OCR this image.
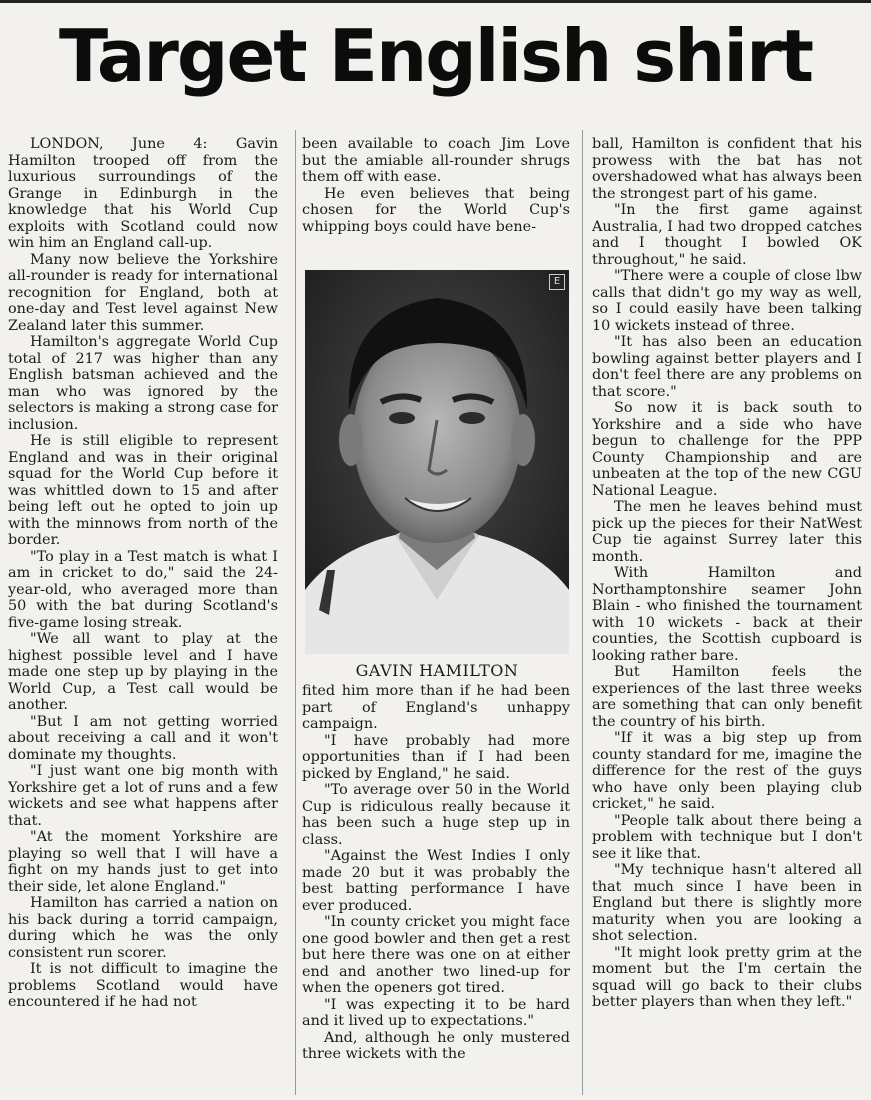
Target English shirt

LONDON, June 4: Gavin Hamilton trooped off from the luxurious surroundings of the Grange in Edinburgh in the knowledge that his World Cup exploits with Scotland could now win him an England call-up.

Many now believe the Yorkshire all-rounder is ready for international recognition for England, both at one-day and Test level against New Zealand later this summer.

Hamilton's aggregate World Cup total of 217 was higher than any English batsman achieved and the man who was ignored by the selectors is making a strong case for inclusion.

He is still eligible to represent England and was in their original squad for the World Cup before it was whittled down to 15 and after being left out he opted to join up with the minnows from north of the border.

"To play in a Test match is what I am in cricket to do," said the 24-year-old, who averaged more than 50 with the bat during Scotland's five-game losing streak.

"We all want to play at the highest possible level and I have made one step up by playing in the World Cup, a Test call would be another.

"But I am not getting worried about receiving a call and it won't dominate my thoughts.

"I just want one big month with Yorkshire get a lot of runs and a few wickets and see what happens after that.

"At the moment Yorkshire are playing so well that I will have a fight on my hands just to get into their side, let alone England."

Hamilton has carried a nation on his back during a torrid campaign, during which he was the only consistent run scorer.

It is not difficult to imagine the problems Scotland would have encountered if he had not

been available to coach Jim Love but the amiable all-rounder shrugs them off with ease.

He even believes that being chosen for the World Cup's whipping boys could have bene-

E
GAVIN HAMILTON

fited him more than if he had been part of England's unhappy campaign.

"I have probably had more opportunities than if I had been picked by England," he said.

"To average over 50 in the World Cup is ridiculous really because it has been such a huge step up in class.

"Against the West Indies I only made 20 but it was probably the best batting performance I have ever produced.

"In county cricket you might face one good bowler and then get a rest but here there was one on at either end and another two lined-up for when the openers got tired.

"I was expecting it to be hard and it lived up to expectations."

And, although he only mustered three wickets with the

ball, Hamilton is confident that his prowess with the bat has not overshadowed what has always been the strongest part of his game.

"In the first game against Australia, I had two dropped catches and I thought I bowled OK throughout," he said.

"There were a couple of close lbw calls that didn't go my way as well, so I could easily have been talking 10 wickets instead of three.

"It has also been an education bowling against better players and I don't feel there are any problems on that score."

So now it is back south to Yorkshire and a side who have begun to challenge for the PPP County Championship and are unbeaten at the top of the new CGU National League.

The men he leaves behind must pick up the pieces for their NatWest Cup tie against Surrey later this month.

With Hamilton and Northamptonshire seamer John Blain - who finished the tournament with 10 wickets - back at their counties, the Scottish cupboard is looking rather bare.

But Hamilton feels the experiences of the last three weeks are something that can only benefit the country of his birth.

"If it was a big step up from county standard for me, imagine the difference for the rest of the guys who have only been playing club cricket," he said.

"People talk about there being a problem with technique but I don't see it like that.

"My technique hasn't altered all that much since I have been in England but there is slightly more maturity when you are looking a shot selection.

"It might look pretty grim at the moment but the I'm certain the squad will go back to their clubs better players than when they left."
